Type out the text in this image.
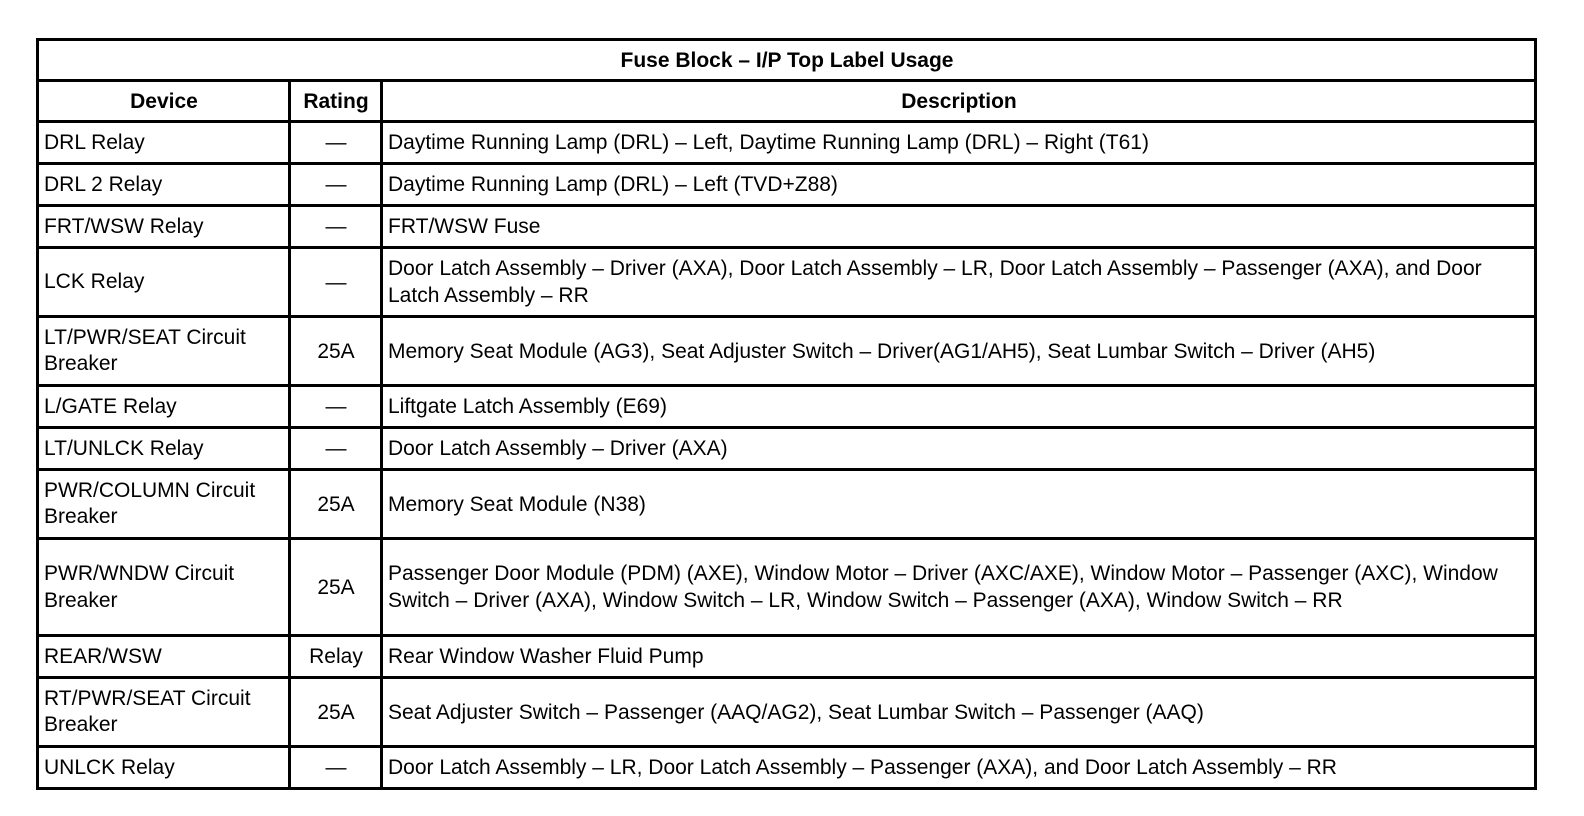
Fuse Block – I/P Top Label Usage		
Device	Rating	Description
DRL Relay	—	Daytime Running Lamp (DRL) – Left, Daytime Running Lamp (DRL) – Right (T61)
DRL 2 Relay	—	Daytime Running Lamp (DRL) – Left (TVD+Z88)
FRT/WSW Relay	—	FRT/WSW Fuse
LCK Relay	—	Door Latch Assembly – Driver (AXA), Door Latch Assembly – LR, Door Latch Assembly – Passenger (AXA), and Door Latch Assembly – RR
LT/PWR/SEAT Circuit Breaker	25A	Memory Seat Module (AG3), Seat Adjuster Switch – Driver(AG1/AH5), Seat Lumbar Switch – Driver (AH5)
L/GATE Relay	—	Liftgate Latch Assembly (E69)
LT/UNLCK Relay	—	Door Latch Assembly – Driver (AXA)
PWR/COLUMN Circuit Breaker	25A	Memory Seat Module (N38)
PWR/WNDW Circuit Breaker	25A	Passenger Door Module (PDM) (AXE), Window Motor – Driver (AXC/AXE), Window Motor – Passenger (AXC), Window Switch – Driver (AXA), Window Switch – LR, Window Switch – Passenger (AXA), Window Switch – RR
REAR/WSW	Relay	Rear Window Washer Fluid Pump
RT/PWR/SEAT Circuit Breaker	25A	Seat Adjuster Switch – Passenger (AAQ/AG2), Seat Lumbar Switch – Passenger (AAQ)
UNLCK Relay	—	Door Latch Assembly – LR, Door Latch Assembly – Passenger (AXA), and Door Latch Assembly – RR
